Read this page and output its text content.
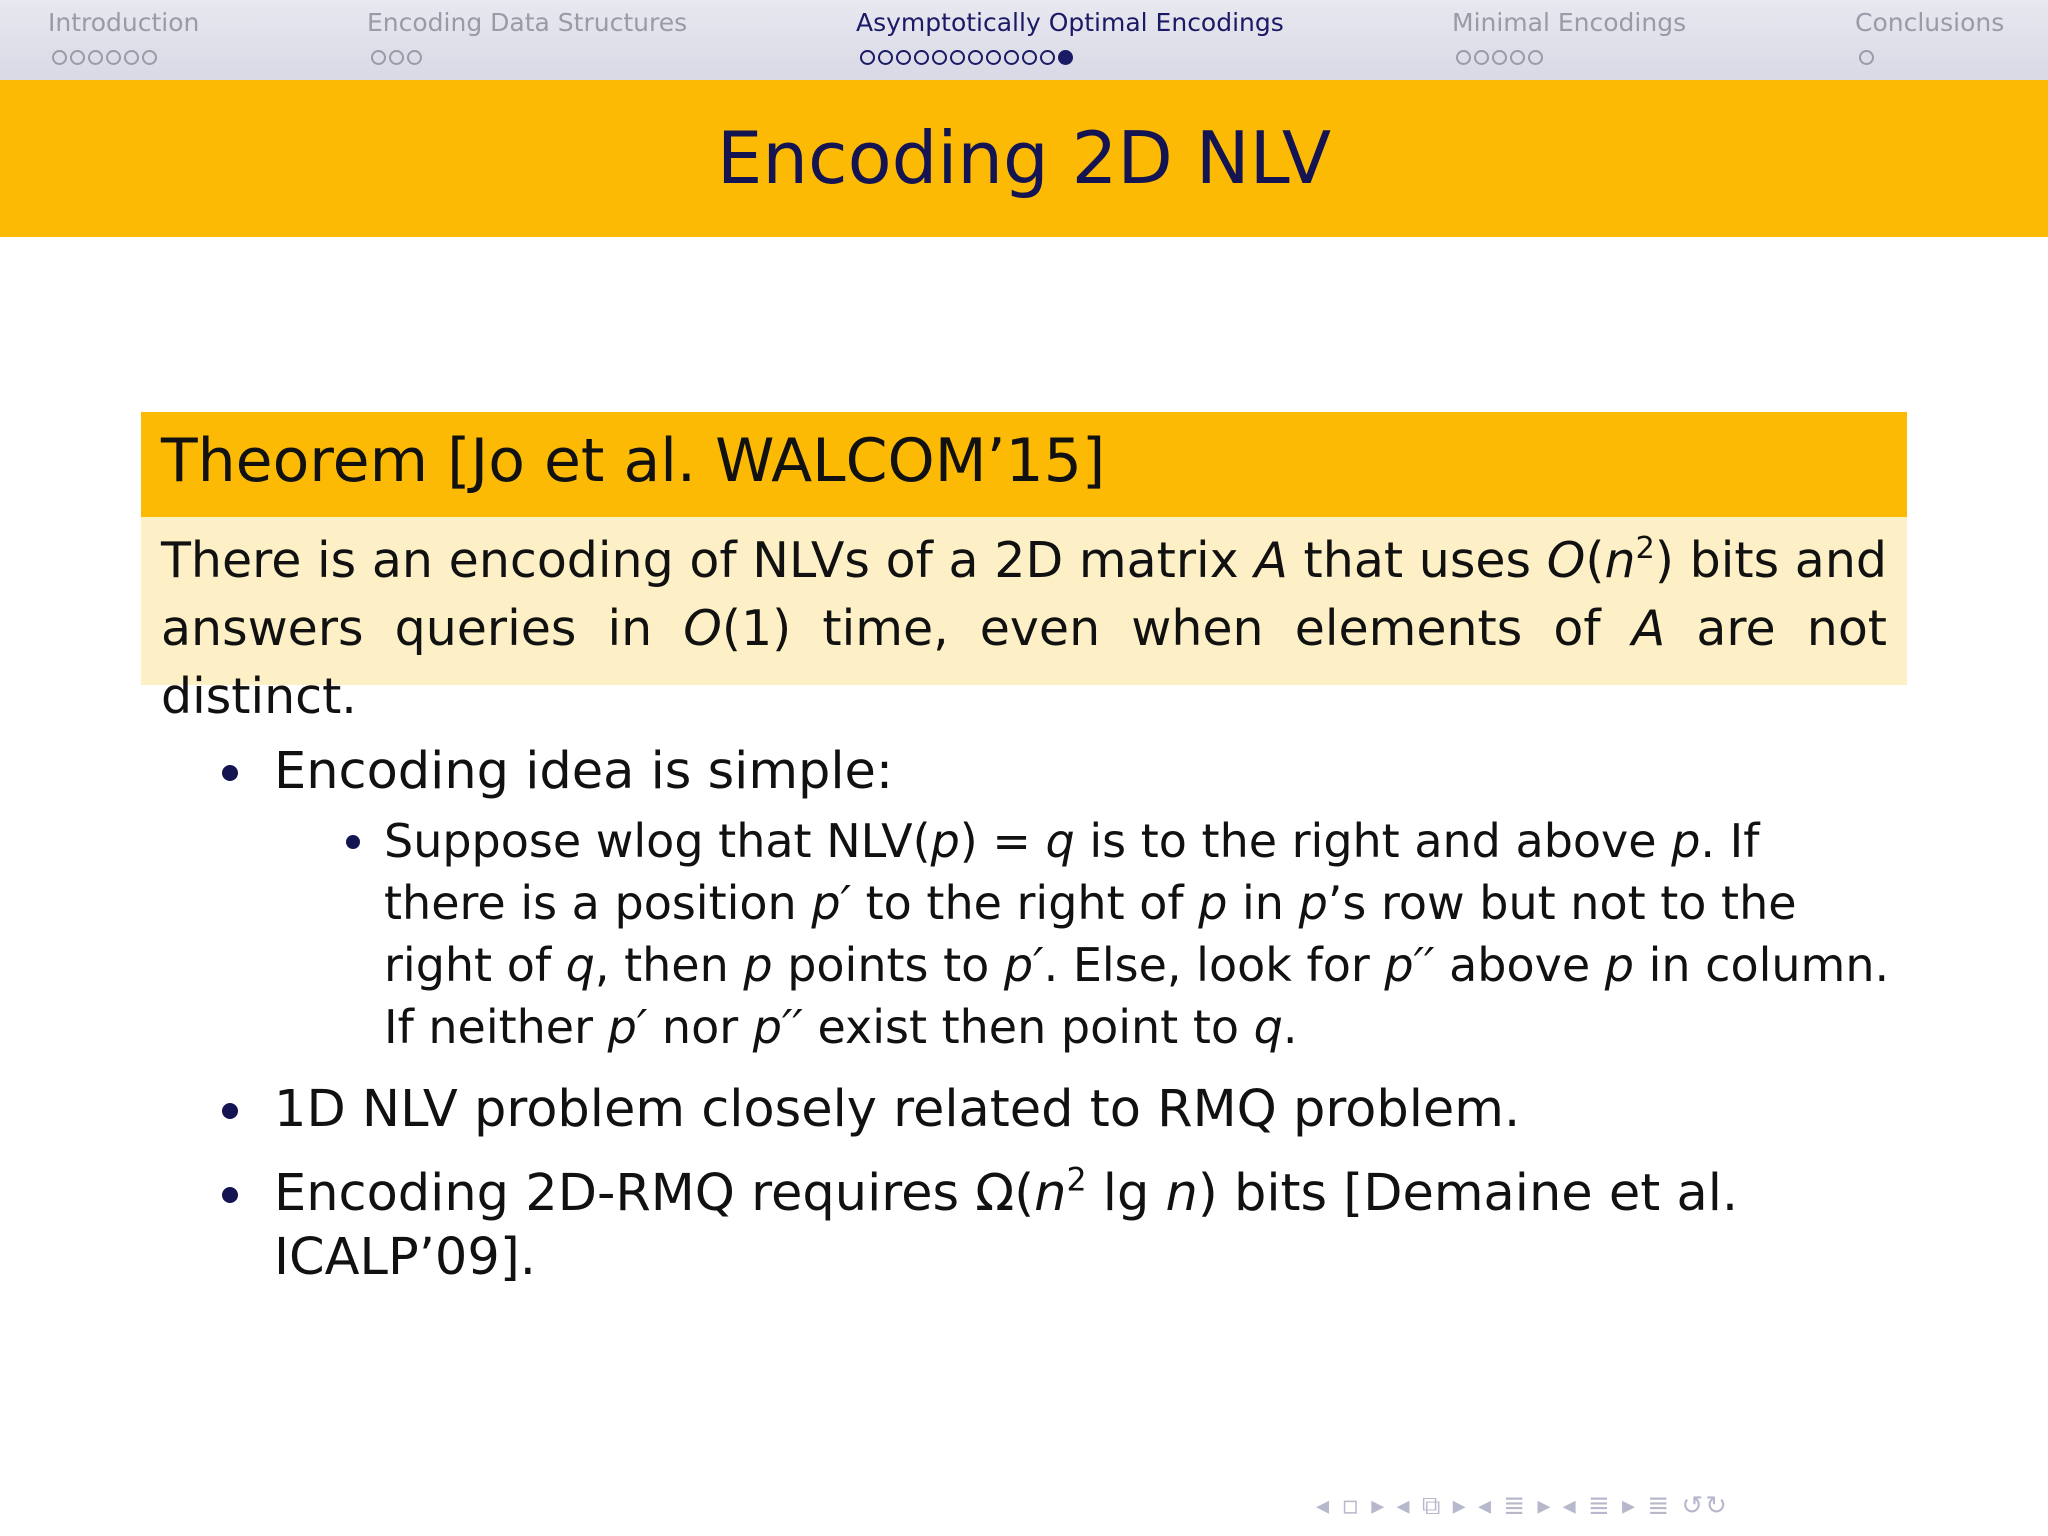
Introduction	Encoding Data Structures	Asymptotically Optimal Encodings	Minimal Encodings	Conclusions
Encoding 2D NLV
Theorem [Jo et al. WALCOM’15]
There is an encoding of NLVs of a 2D matrix A that uses $O(n^2)$ bits and answers queries in O(1) time, even when elements of A are not distinct.
Encoding idea is simple:
Suppose wlog that NLV(p) = q is to the right and above p. If there is a position p′ to the right of p in p’s row but not to the right of q, then p points to p′. Else, look for p′′ above p in column. If neither p′ nor p′′ exist then point to q.
1D NLV problem closely related to RMQ problem.
Encoding 2D-RMQ requires $\Omega(n^2$ lg n) bits [Demaine et al. ICALP’09].
◂ ▫ ▸ ◂ ⧉ ▸ ◂ ≣ ▸ ◂ ≣ ▸ ≣ ↺↻
